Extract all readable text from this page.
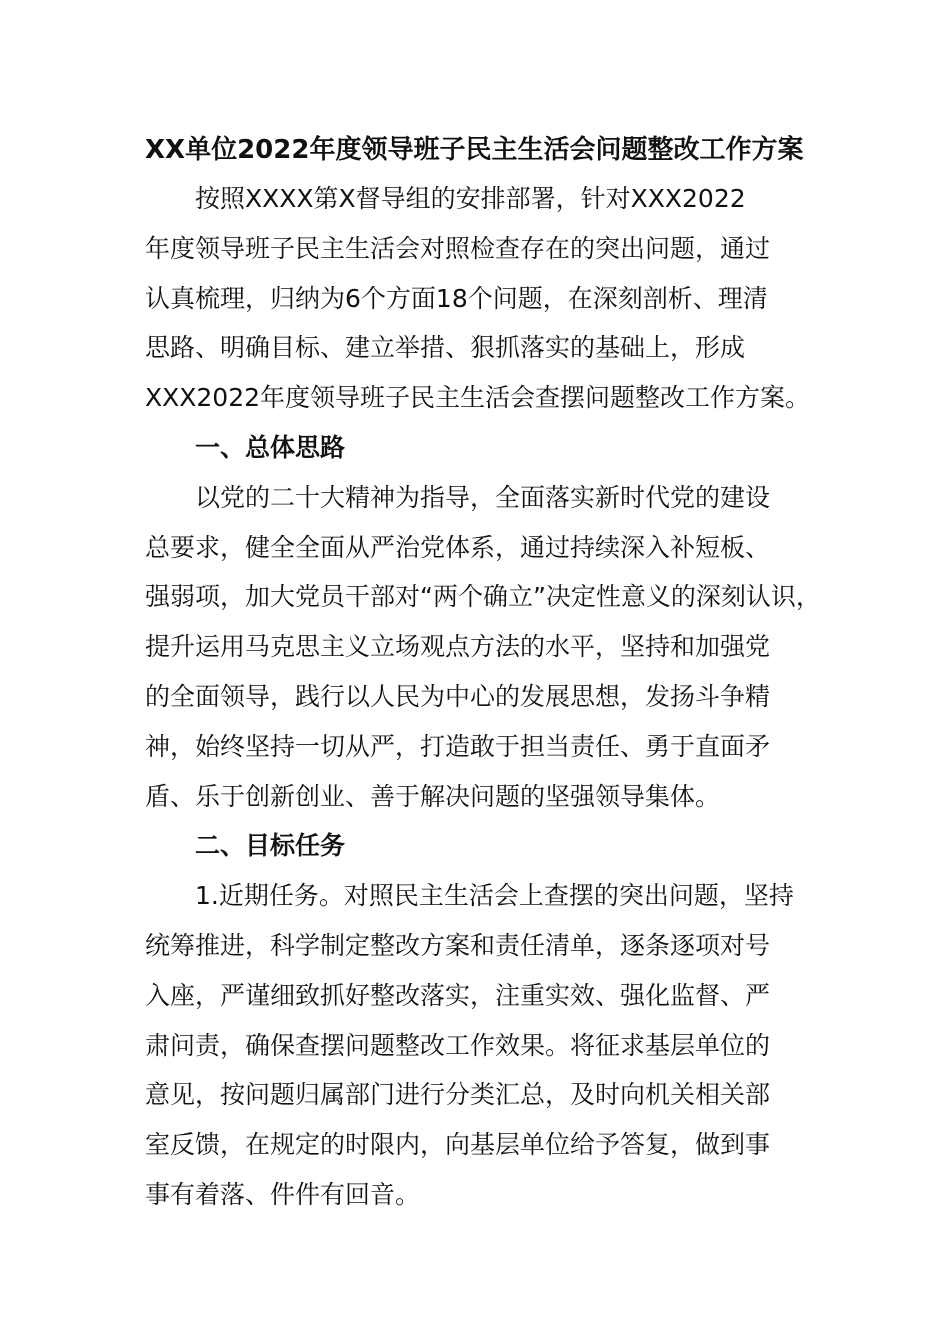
XX单位2022年度领导班子民主生活会问题整改工作方案
按照XXXX第X督导组的安排部署，针对XXX2022
年度领导班子民主生活会对照检查存在的突出问题，通过
认真梳理，归纳为6个方面18个问题，在深刻剖析、理清
思路、明确目标、建立举措、狠抓落实的基础上，形成
XXX2022年度领导班子民主生活会查摆问题整改工作方案。
一、总体思路
以党的二十大精神为指导，全面落实新时代党的建设
总要求，健全全面从严治党体系，通过持续深入补短板、
强弱项，加大党员干部对“两个确立”决定性意义的深刻认识，
提升运用马克思主义立场观点方法的水平，坚持和加强党
的全面领导，践行以人民为中心的发展思想，发扬斗争精
神，始终坚持一切从严，打造敢于担当责任、勇于直面矛
盾、乐于创新创业、善于解决问题的坚强领导集体。
二、目标任务
1.近期任务。对照民主生活会上查摆的突出问题，坚持
统筹推进，科学制定整改方案和责任清单，逐条逐项对号
入座，严谨细致抓好整改落实，注重实效、强化监督、严
肃问责，确保查摆问题整改工作效果。将征求基层单位的
意见，按问题归属部门进行分类汇总，及时向机关相关部
室反馈，在规定的时限内，向基层单位给予答复，做到事
事有着落、件件有回音。
